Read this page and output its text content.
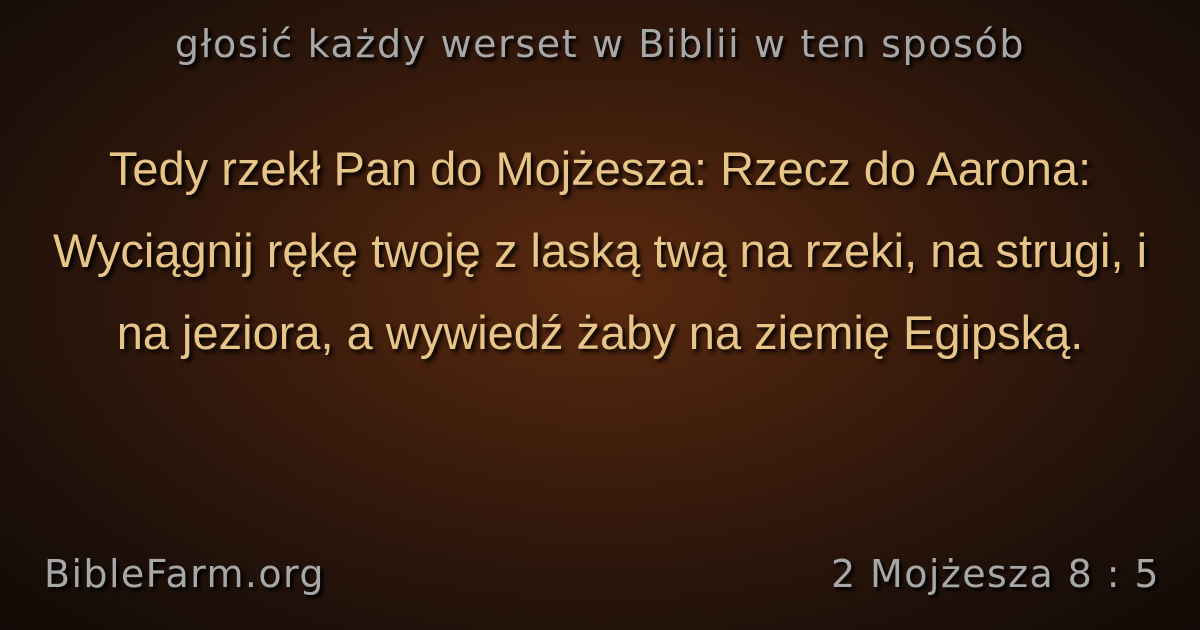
głosić każdy werset w Biblii w ten sposób
Tedy rzekł Pan do Mojżesza: Rzecz do Aarona: Wyciągnij rękę twoję z laską twą na rzeki, na strugi, i na jeziora, a wywiedź żaby na ziemię Egipską.
BibleFarm.org	2 Mojżesza 8 : 5
